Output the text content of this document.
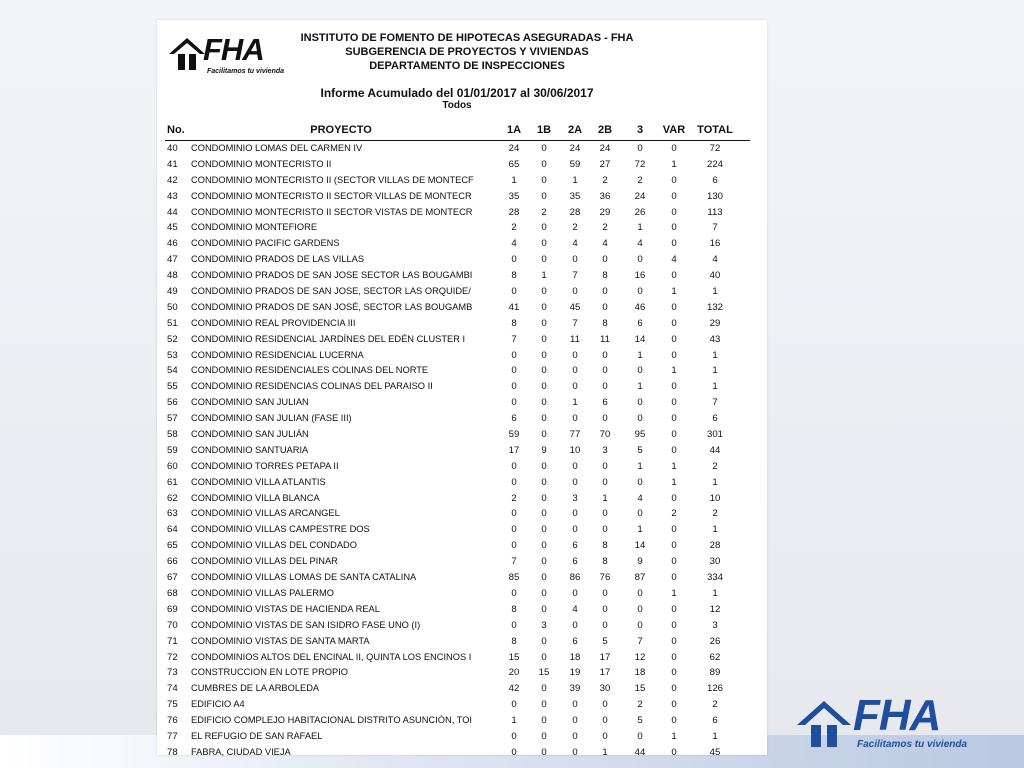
FHA
Facilitamos tu vivienda
INSTITUTO DE FOMENTO DE HIPOTECAS ASEGURADAS - FHA
SUBGERENCIA DE PROYECTOS Y VIVIENDAS
DEPARTAMENTO DE INSPECCIONES
Informe Acumulado del 01/01/2017 al 30/06/2017
Todos
No.	PROYECTO	1A	1B	2A	2B	3	VAR	TOTAL
40 CONDOMINIO LOMAS DEL CARMEN IV	24	0	24	24	0	0	72
41 CONDOMINIO MONTECRISTO II	65	0	59	27	72	1	224
42 CONDOMINIO MONTECRISTO II (SECTOR VILLAS DE MONTECF	1	0	1	2	2	0	6
43 CONDOMINIO MONTECRISTO II SECTOR VILLAS DE MONTECR	35	0	35	36	24	0	130
44 CONDOMINIO MONTECRISTO II SECTOR VISTAS DE MONTECR	28	2	28	29	26	0	113
45 CONDOMINIO MONTEFIORE	2	0	2	2	1	0	7
46 CONDOMINIO PACIFIC GARDENS	4	0	4	4	4	0	16
47 CONDOMINIO PRADOS DE LAS VILLAS	0	0	0	0	0	4	4
48 CONDOMINIO PRADOS DE SAN JOSE SECTOR LAS BOUGAMBI	8	1	7	8	16	0	40
49 CONDOMINIO PRADOS DE SAN JOSE, SECTOR LAS ORQUIDE/	0	0	0	0	0	1	1
50 CONDOMINIO PRADOS DE SAN JOSÉ, SECTOR LAS BOUGAMB	41	0	45	0	46	0	132
51 CONDOMINIO REAL PROVIDENCIA III	8	0	7	8	6	0	29
52 CONDOMINIO RESIDENCIAL JARDÍNES DEL EDÉN CLUSTER I	7	0	11	11	14	0	43
53 CONDOMINIO RESIDENCIAL LUCERNA	0	0	0	0	1	0	1
54 CONDOMINIO RESIDENCIALES COLINAS DEL NORTE	0	0	0	0	0	1	1
55 CONDOMINIO RESIDENCIAS COLINAS DEL PARAISO II	0	0	0	0	1	0	1
56 CONDOMINIO SAN JULIAN	0	0	1	6	0	0	7
57 CONDOMINIO SAN JULIAN (FASE III)	6	0	0	0	0	0	6
58 CONDOMINIO SAN JULIÁN	59	0	77	70	95	0	301
59 CONDOMINIO SANTUARIA	17	9	10	3	5	0	44
60 CONDOMINIO TORRES PETAPA II	0	0	0	0	1	1	2
61 CONDOMINIO VILLA ATLANTIS	0	0	0	0	0	1	1
62 CONDOMINIO VILLA BLANCA	2	0	3	1	4	0	10
63 CONDOMINIO VILLAS ARCANGEL	0	0	0	0	0	2	2
64 CONDOMINIO VILLAS CAMPESTRE DOS	0	0	0	0	1	0	1
65 CONDOMINIO VILLAS DEL CONDADO	0	0	6	8	14	0	28
66 CONDOMINIO VILLAS DEL PINAR	7	0	6	8	9	0	30
67 CONDOMINIO VILLAS LOMAS DE SANTA CATALINA	85	0	86	76	87	0	334
68 CONDOMINIO VILLAS PALERMO	0	0	0	0	0	1	1
69 CONDOMINIO VISTAS DE HACIENDA REAL	8	0	4	0	0	0	12
70 CONDOMINIO VISTAS DE SAN ISIDRO FASE UNO (I)	0	3	0	0	0	0	3
71 CONDOMINIO VISTAS DE SANTA MARTA	8	0	6	5	7	0	26
72 CONDOMINIOS ALTOS DEL ENCINAL II, QUINTA LOS ENCINOS I	15	0	18	17	12	0	62
73 CONSTRUCCION EN LOTE PROPIO	20	15	19	17	18	0	89
74 CUMBRES DE LA ARBOLEDA	42	0	39	30	15	0	126
75 EDIFICIO A4	0	0	0	0	2	0	2
76 EDIFICIO COMPLEJO HABITACIONAL DISTRITO ASUNCIÓN, TOI	1	0	0	0	5	0	6
77 EL REFUGIO DE SAN RAFAEL	0	0	0	0	0	1	1
78 FABRA, CIUDAD VIEJA	0	0	0	1	44	0	45
FHA
Facilitamos tu vivienda
